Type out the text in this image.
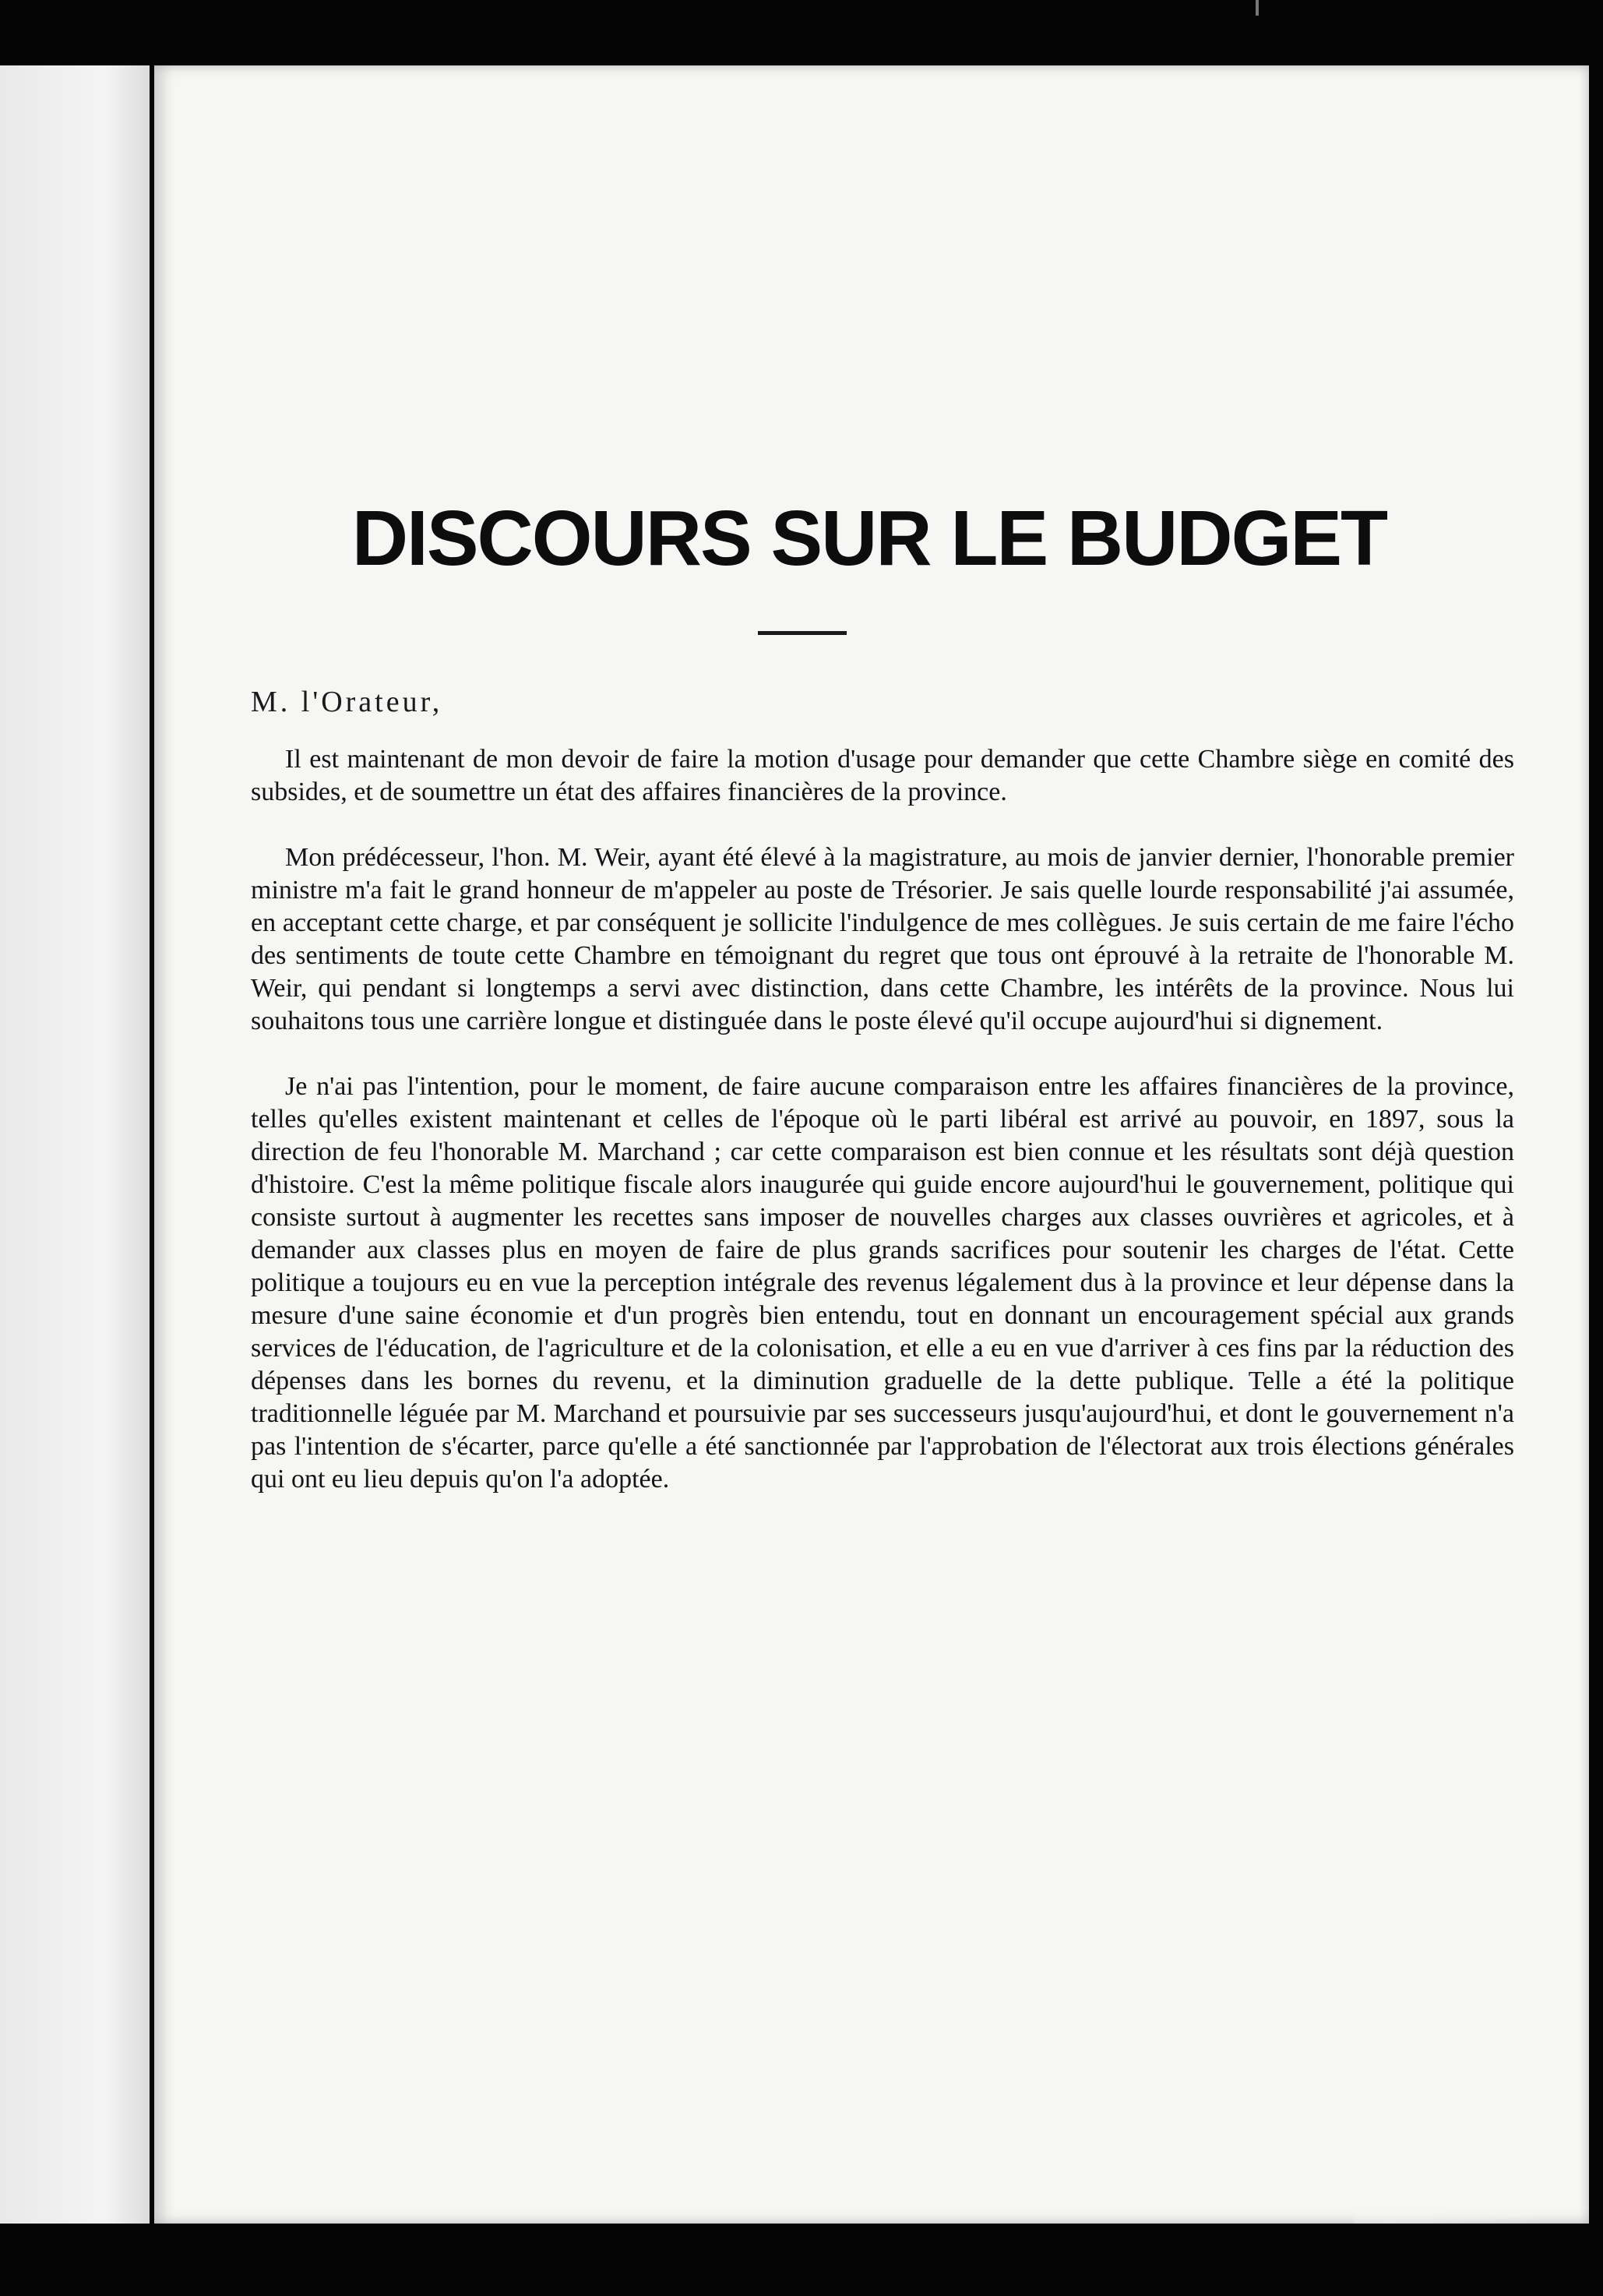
DISCOURS SUR LE BUDGET
M. l'Orateur,

Il est maintenant de mon devoir de faire la motion d'usage pour demander que cette Chambre siège en comité des subsides, et de soumettre un état des affaires financières de la province.

Mon prédécesseur, l'hon. M. Weir, ayant été élevé à la magistrature, au mois de janvier dernier, l'honorable premier ministre m'a fait le grand honneur de m'appeler au poste de Trésorier. Je sais quelle lourde responsabilité j'ai assumée, en acceptant cette charge, et par conséquent je sollicite l'indulgence de mes collègues. Je suis certain de me faire l'écho des sentiments de toute cette Chambre en témoignant du regret que tous ont éprouvé à la retraite de l'honorable M. Weir, qui pendant si longtemps a servi avec distinction, dans cette Chambre, les intérêts de la province. Nous lui souhaitons tous une carrière longue et distinguée dans le poste élevé qu'il occupe aujourd'hui si dignement.

Je n'ai pas l'intention, pour le moment, de faire aucune comparaison entre les affaires financières de la province, telles qu'elles existent maintenant et celles de l'époque où le parti libéral est arrivé au pouvoir, en 1897, sous la direction de feu l'honorable M. Marchand ; car cette comparaison est bien connue et les résultats sont déjà question d'histoire. C'est la même politique fiscale alors inaugurée qui guide encore aujourd'hui le gouvernement, politique qui consiste surtout à augmenter les recettes sans imposer de nouvelles charges aux classes ouvrières et agricoles, et à demander aux classes plus en moyen de faire de plus grands sacrifices pour soutenir les charges de l'état. Cette politique a toujours eu en vue la perception intégrale des revenus légalement dus à la province et leur dépense dans la mesure d'une saine économie et d'un progrès bien entendu, tout en donnant un encouragement spécial aux grands services de l'éducation, de l'agriculture et de la colonisation, et elle a eu en vue d'arriver à ces fins par la réduction des dépenses dans les bornes du revenu, et la diminution graduelle de la dette publique. Telle a été la politique traditionnelle léguée par M. Marchand et poursuivie par ses successeurs jusqu'aujourd'hui, et dont le gouvernement n'a pas l'intention de s'écarter, parce qu'elle a été sanctionnée par l'approbation de l'électorat aux trois élections générales qui ont eu lieu depuis qu'on l'a adoptée.
